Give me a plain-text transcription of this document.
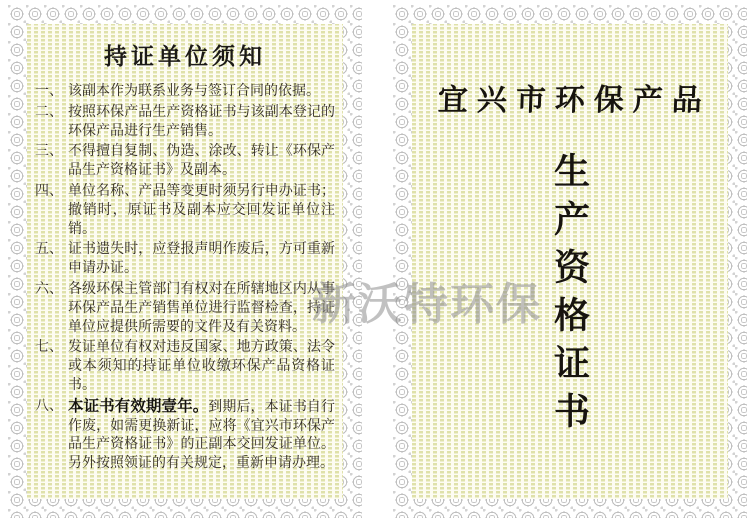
持证单位须知
一、 该副本作为联系业务与签订合同的依据。
二、 按照环保产品生产资格证书与该副本登记的环保产品进行生产销售。
三、 不得擅自复制、伪造、涂改、转让《环保产品生产资格证书》及副本。
四、 单位名称、产品等变更时须另行申办证书；撤销时，原证书及副本应交回发证单位注销。
五、 证书遗失时，应登报声明作废后，方可重新申请办证。
六、 各级环保主管部门有权对在所辖地区内从事环保产品生产销售单位进行监督检查，持证单位应提供所需要的文件及有关资料。
七、 发证单位有权对违反国家、地方政策、法令或本须知的持证单位收缴环保产品资格证书。
八、 本证书有效期壹年。到期后，本证书自行作废，如需更换新证，应将《宜兴市环保产品生产资格证书》的正副本交回发证单位。另外按照领证的有关规定，重新申请办理。
宜兴市环保产品
生产资格证书
新沃特环保
